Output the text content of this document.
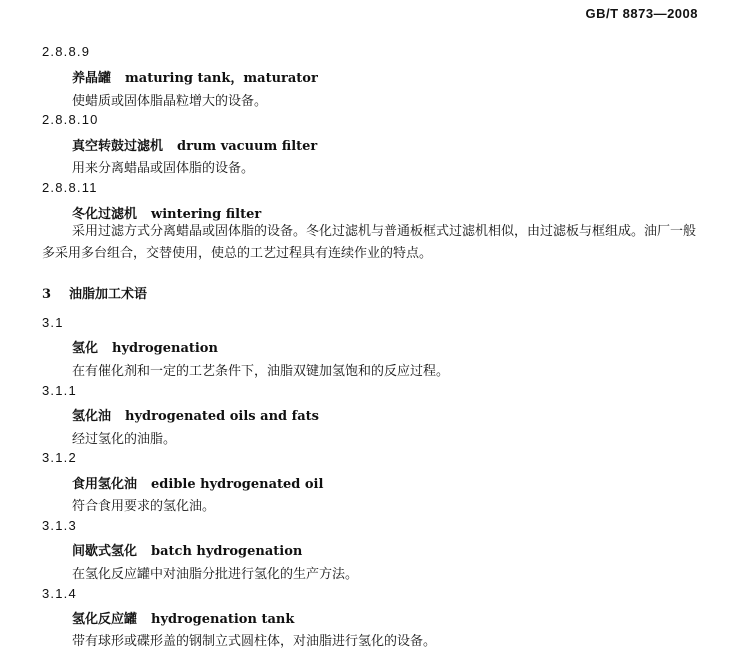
GB/T 8873—2008
2.8.8.9
养晶罐 maturing tank，maturator
使蜡质或固体脂晶粒增大的设备。
2.8.8.10
真空转鼓过滤机 drum vacuum filter
用来分离蜡晶或固体脂的设备。
2.8.8.11
冬化过滤机 wintering filter
采用过滤方式分离蜡晶或固体脂的设备。冬化过滤机与普通板框式过滤机相似，由过滤板与框组成。油厂一般多采用多台组合，交替使用，使总的工艺过程具有连续作业的特点。
3 油脂加工术语
3.1
氢化 hydrogenation
在有催化剂和一定的工艺条件下，油脂双键加氢饱和的反应过程。
3.1.1
氢化油 hydrogenated oils and fats
经过氢化的油脂。
3.1.2
食用氢化油 edible hydrogenated oil
符合食用要求的氢化油。
3.1.3
间歇式氢化 batch hydrogenation
在氢化反应罐中对油脂分批进行氢化的生产方法。
3.1.4
氢化反应罐 hydrogenation tank
带有球形或碟形盖的钢制立式圆柱体，对油脂进行氢化的设备。
